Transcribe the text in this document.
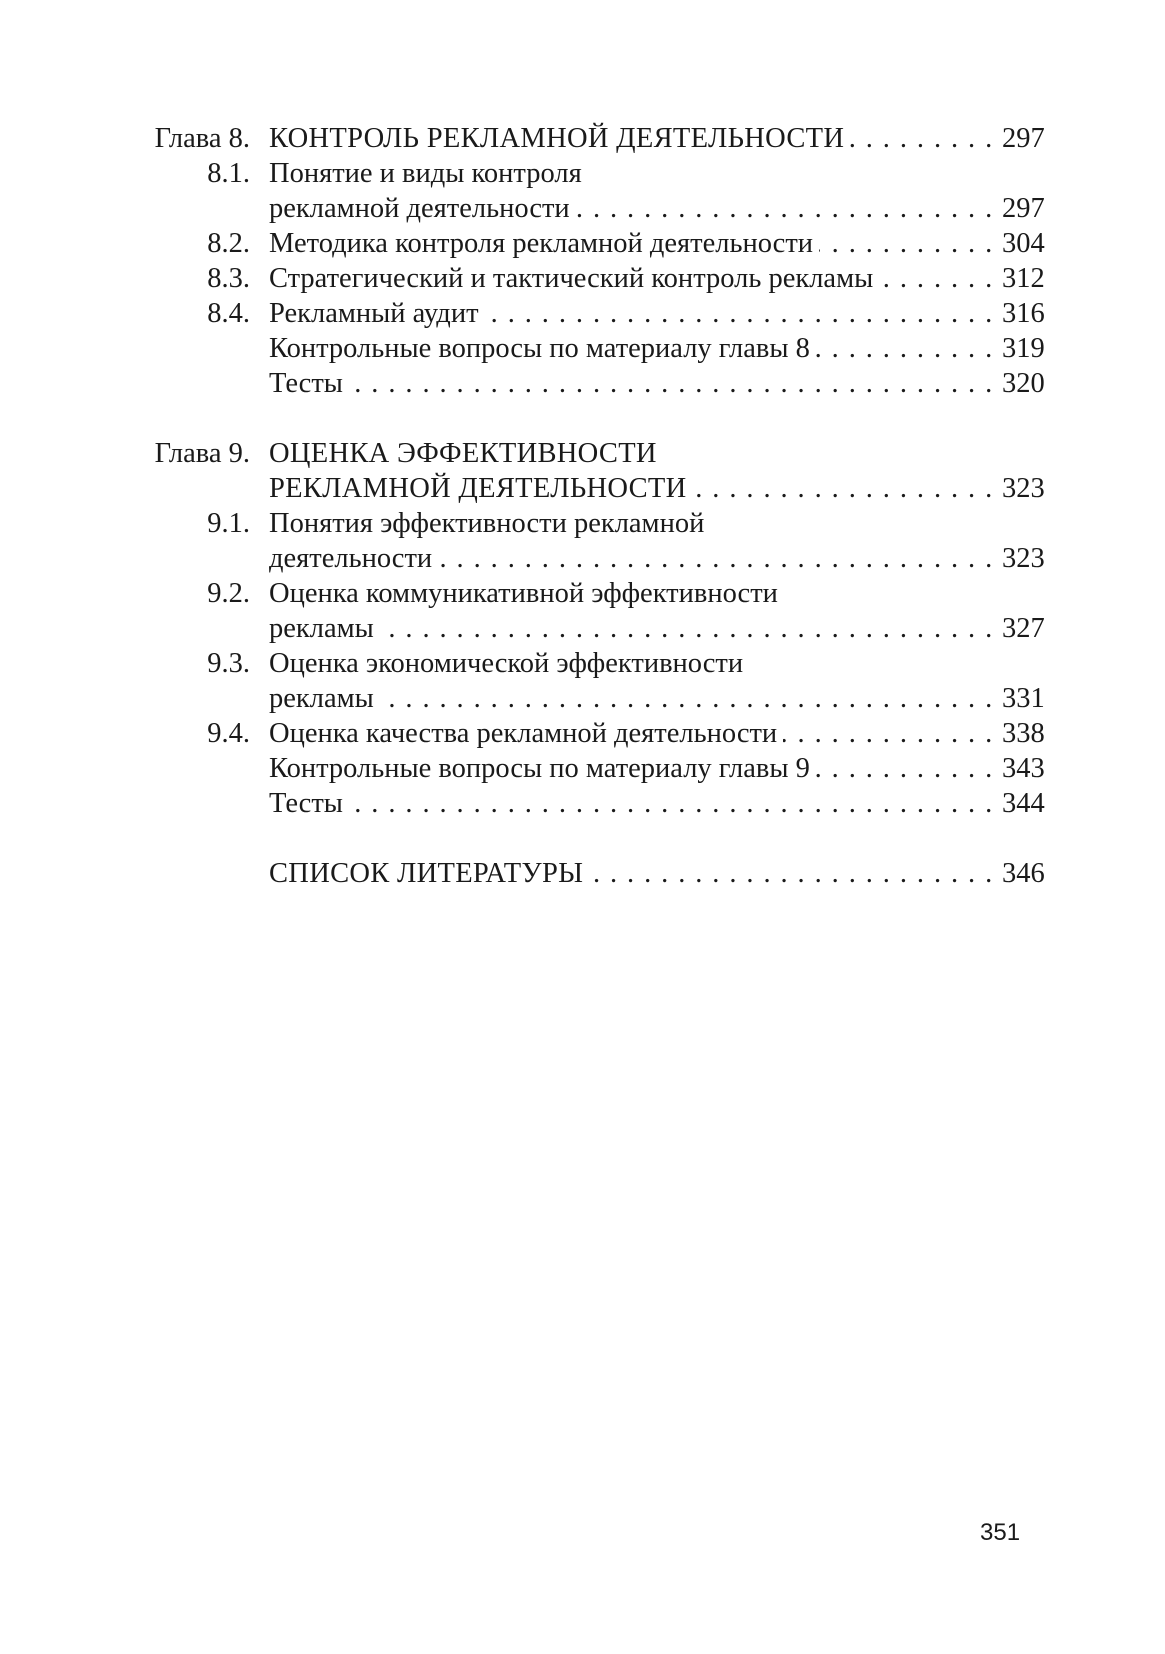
Глава 8. КОНТРОЛЬ РЕКЛАМНОЙ ДЕЯТЕЛЬНОСТИ . . .	297
8.1. Понятие и виды контроля
рекламной деятельности . . .	297
8.2. Методика контроля рекламной деятельности . . .	304
8.3. Стратегический и тактический контроль рекламы . . .	312
8.4. Рекламный аудит . . .	316
Контрольные вопросы по материалу главы 8 . . .	319
Тесты . . .	320
Глава 9. ОЦЕНКА ЭФФЕКТИВНОСТИ
РЕКЛАМНОЙ ДЕЯТЕЛЬНОСТИ . . .	323
9.1. Понятия эффективности рекламной
деятельности . . .	323
9.2. Оценка коммуникативной эффективности
рекламы . . .	327
9.3. Оценка экономической эффективности
рекламы . . .	331
9.4. Оценка качества рекламной деятельности . . .	338
Контрольные вопросы по материалу главы 9 . . .	343
Тесты . . .	344
СПИСОК ЛИТЕРАТУРЫ . . .	346
351
